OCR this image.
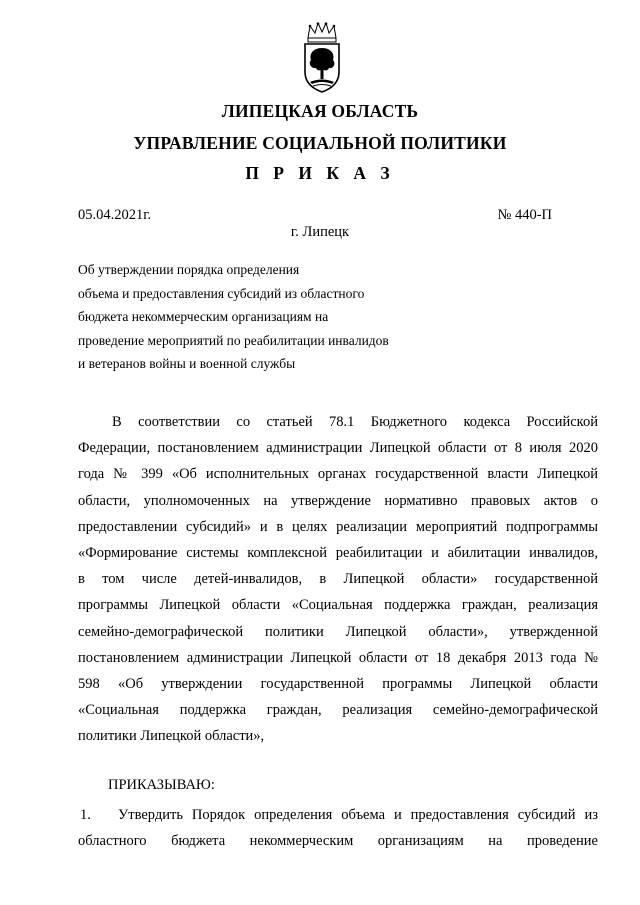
ЛИПЕЦКАЯ ОБЛАСТЬ
УПРАВЛЕНИЕ СОЦИАЛЬНОЙ ПОЛИТИКИ
П Р И К А З
05.04.2021г.	№ 440-П
г. Липецк
Об утверждении порядка определения
объема и предоставления субсидий из областного
бюджета некоммерческим организациям на
проведение мероприятий по реабилитации инвалидов
и ветеранов войны и военной службы
В соответствии со статьей 78.1 Бюджетного кодекса Российской
Федерации, постановлением администрации Липецкой области от 8 июля 2020
года № 399 «Об исполнительных органах государственной власти Липецкой
области, уполномоченных на утверждение нормативно правовых актов о
предоставлении субсидий» и в целях реализации мероприятий подпрограммы
«Формирование системы комплексной реабилитации и абилитации инвалидов,
в том числе детей-инвалидов, в Липецкой области» государственной
программы Липецкой области «Социальная поддержка граждан, реализация
семейно-демографической политики Липецкой области», утвержденной
постановлением администрации Липецкой области от 18 декабря 2013 года №
598 «Об утверждении государственной программы Липецкой области
«Социальная поддержка граждан, реализация семейно-демографической
политики Липецкой области»,
ПРИКАЗЫВАЮ:
1.	Утвердить Порядок определения объема и предоставления субсидий из
областного бюджета некоммерческим организациям на проведение
